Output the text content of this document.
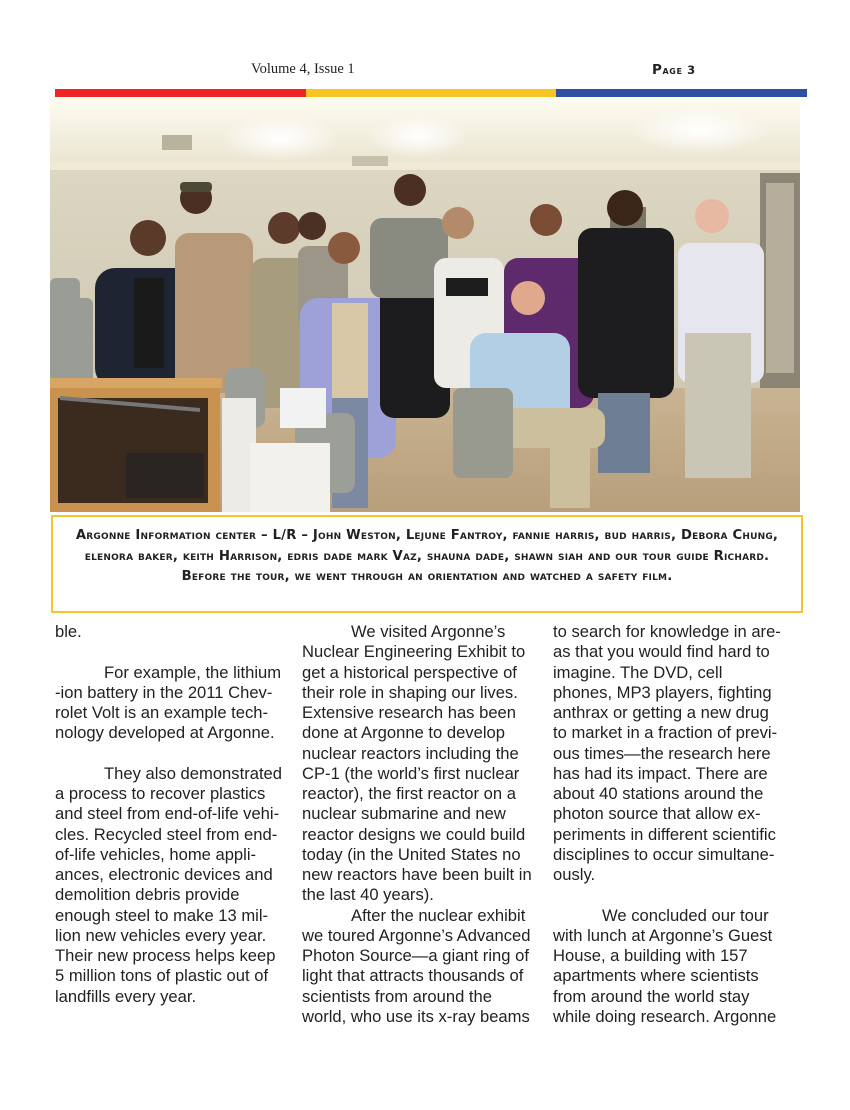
Volume 4, Issue 1	Page 3

Argonne Information center – L/R – John Weston, Lejune Fantroy, fannie harris, bud harris, Debora Chung, elenora baker, keith Harrison, edris dade mark Vaz, shauna dade, shawn siah and our tour guide Richard. Before the tour, we went through an orientation and watched a safety film.

ble.

For example, the lithium

-ion battery in the 2011 Chev-

rolet Volt is an example tech-

nology developed at Argonne.

They also demonstrated

a process to recover plastics

and steel from end-of-life vehi-

cles. Recycled steel from end-

of-life vehicles, home appli-

ances, electronic devices and

demolition debris provide

enough steel to make 13 mil-

lion new vehicles every year.

Their new process helps keep

5 million tons of plastic out of

landfills every year.

We visited Argonne’s

Nuclear Engineering Exhibit to

get a historical perspective of

their role in shaping our lives.

Extensive research has been

done at Argonne to develop

nuclear reactors including the

CP-1 (the world’s first nuclear

reactor), the first reactor on a

nuclear submarine and new

reactor designs we could build

today (in the United States no

new reactors have been built in

the last 40 years).

After the nuclear exhibit

we toured Argonne’s Advanced

Photon Source—a giant ring of

light that attracts thousands of

scientists from around the

world, who use its x-ray beams

to search for knowledge in are-

as that you would find hard to

imagine. The DVD, cell

phones, MP3 players, fighting

anthrax or getting a new drug

to market in a fraction of previ-

ous times—the research here

has had its impact. There are

about 40 stations around the

photon source that allow ex-

periments in different scientific

disciplines to occur simultane-

ously.

We concluded our tour

with lunch at Argonne’s Guest

House, a building with 157

apartments where scientists

from around the world stay

while doing research. Argonne
